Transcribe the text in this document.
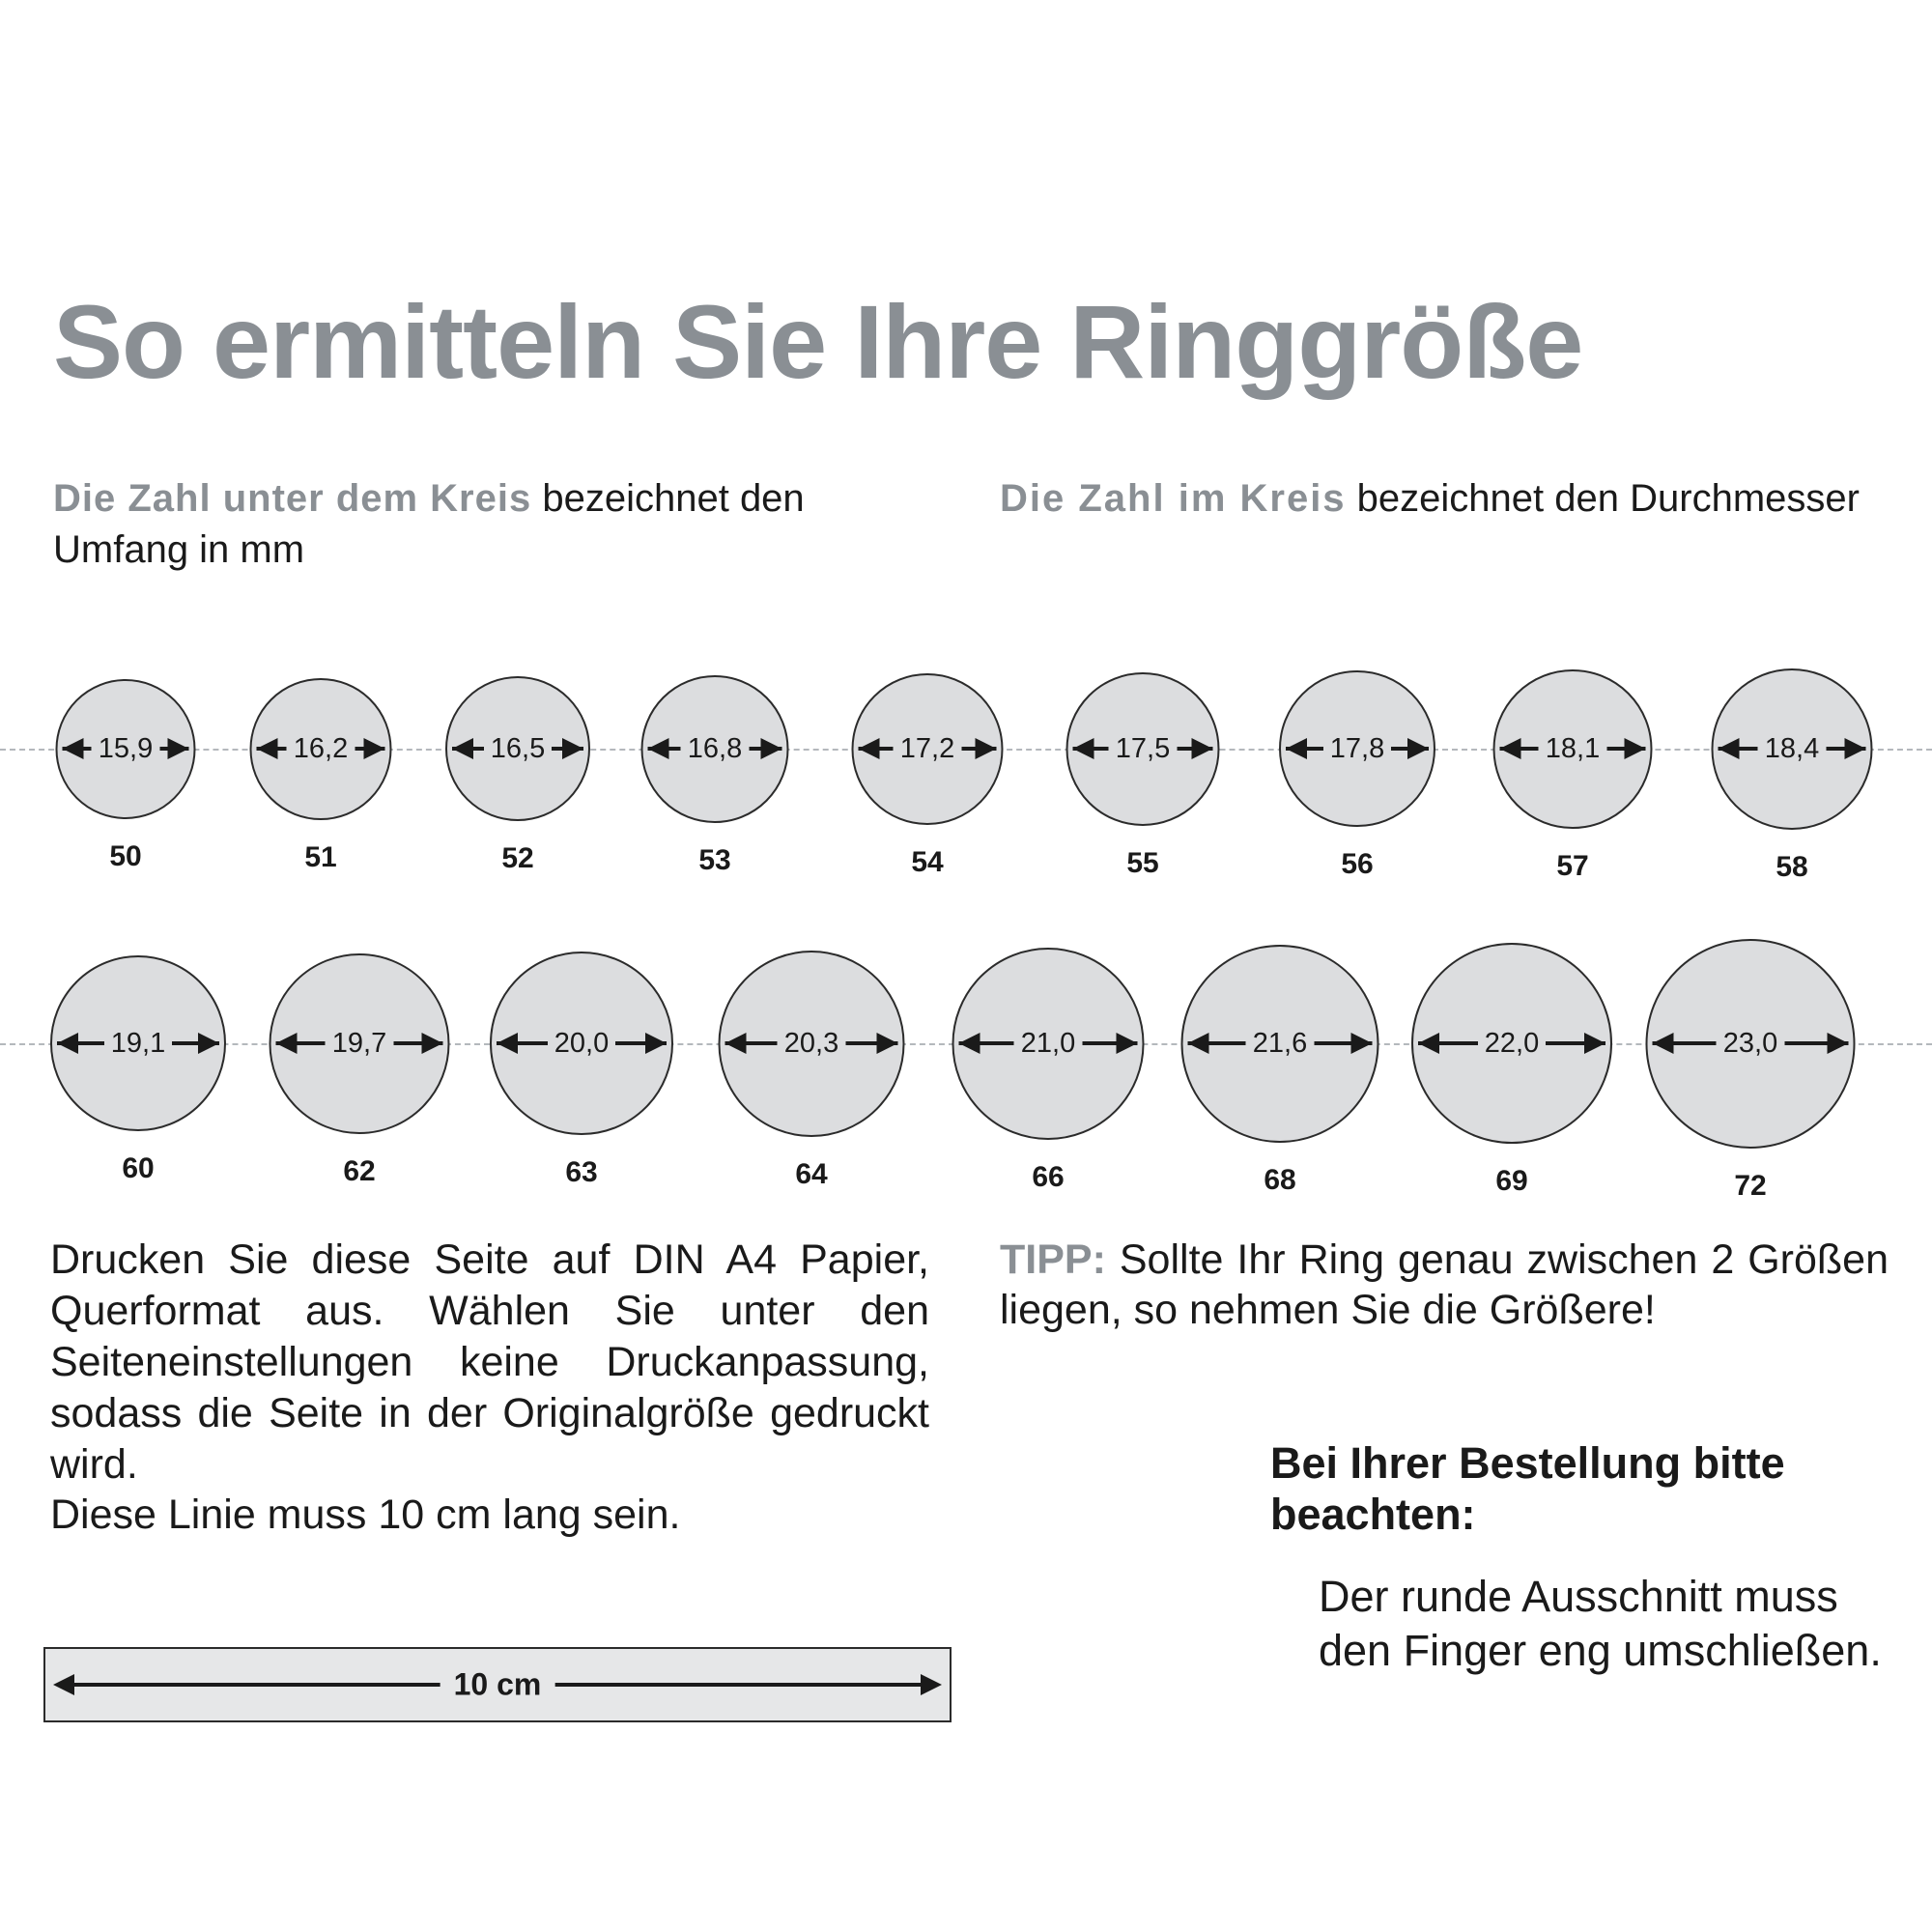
So ermitteln Sie Ihre Ringgröße
Die Zahl unter dem Kreis bezeichnet den Umfang in mm
Die Zahl im Kreis bezeichnet den Durchmesser
15,9
50
16,2
51
16,5
52
16,8
53
17,2
54
17,5
55
17,8
56
18,1
57
18,4
58
19,1
60
19,7
62
20,0
63
20,3
64
21,0
66
21,6
68
22,0
69
23,0
72
Drucken Sie diese Seite auf DIN A4 Papier, Querformat aus. Wählen Sie unter den Seiteneinstellungen keine Druckanpassung, sodass die Seite in der Originalgröße gedruckt wird.
Diese Linie muss 10 cm lang sein.
TIPP: Sollte Ihr Ring genau zwischen 2 Größen liegen, so nehmen Sie die Größere!
Bei Ihrer Bestellung bitte beachten:
Der runde Ausschnitt muss den Finger eng umschließen.
10 cm
